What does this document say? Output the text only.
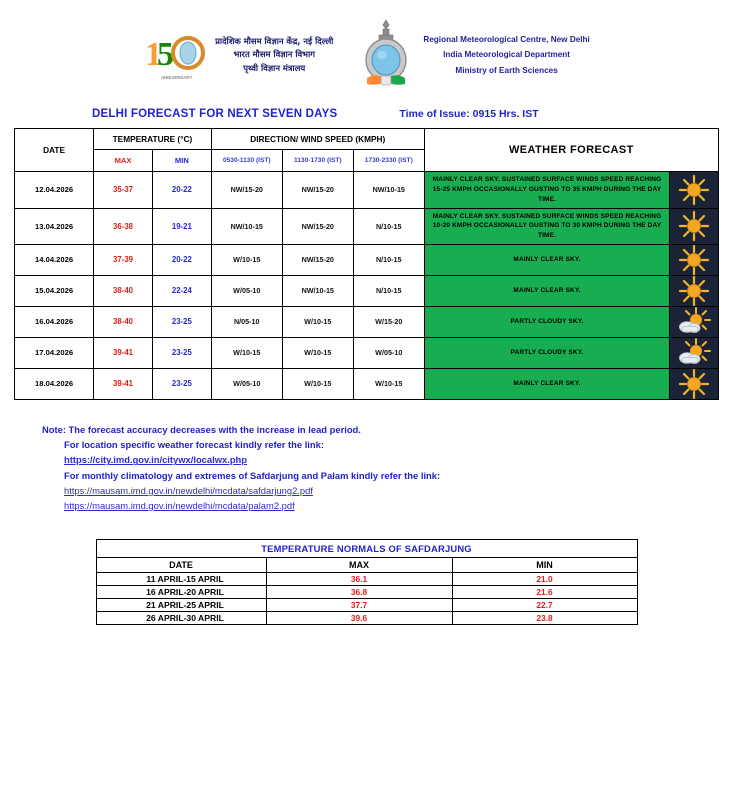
1
5
ANNIVERSARY
प्रादेशिक मौसम विज्ञान केंद्र, नई दिल्ली
भारत मौसम विज्ञान विभाग
पृथ्वी विज्ञान मंत्रालय
Regional Meteorological Centre, New Delhi
India Meteorological Department
Ministry of Earth Sciences
DELHI FORECAST FOR NEXT SEVEN DAYS	Time of Issue: 0915 Hrs. IST
DATE	TEMPERATURE (°C)		DIRECTION/ WIND SPEED (KMPH)			WEATHER FORECAST	
	MAX	MIN	0530-1130 (IST)	1130-1730 (IST)	1730-2330 (IST)		
12.04.2026	35-37	20-22	NW/15-20	NW/15-20	NW/10-15	MAINLY CLEAR SKY. SUSTAINED SURFACE WINDS SPEED REACHING 15-25 KMPH OCCASIONALLY GUSTING TO 35 KMPH DURING THE DAY TIME.	

13.04.2026	36-38	19-21	NW/10-15	NW/15-20	N/10-15	MAINLY CLEAR SKY. SUSTAINED SURFACE WINDS SPEED REACHING 10-20 KMPH OCCASIONALLY GUSTING TO 30 KMPH DURING THE DAY TIME.	

14.04.2026	37-39	20-22	W/10-15	NW/15-20	N/10-15	MAINLY CLEAR SKY.	

15.04.2026	38-40	22-24	W/05-10	NW/10-15	N/10-15	MAINLY CLEAR SKY.	

16.04.2026	38-40	23-25	N/05-10	W/10-15	W/15-20	PARTLY CLOUDY SKY.	

17.04.2026	39-41	23-25	W/10-15	W/10-15	W/05-10	PARTLY CLOUDY SKY.	

18.04.2026	39-41	23-25	W/05-10	W/10-15	W/10-15	MAINLY CLEAR SKY.	
Note: The forecast accuracy decreases with the increase in lead period.
For location specific weather forecast kindly refer the link:
https://city.imd.gov.in/citywx/localwx.php
For monthly climatology and extremes of Safdarjung and Palam kindly refer the link:
https://mausam.imd.gov.in/newdelhi/mcdata/safdarjung2.pdf
https://mausam.imd.gov.in/newdelhi/mcdata/palam2.pdf
TEMPERATURE NORMALS OF SAFDARJUNG		
DATE	MAX	MIN
11 APRIL-15 APRIL	36.1	21.0
16 APRIL-20 APRIL	36.8	21.6
21 APRIL-25 APRIL	37.7	22.7
26 APRIL-30 APRIL	39.6	23.8
